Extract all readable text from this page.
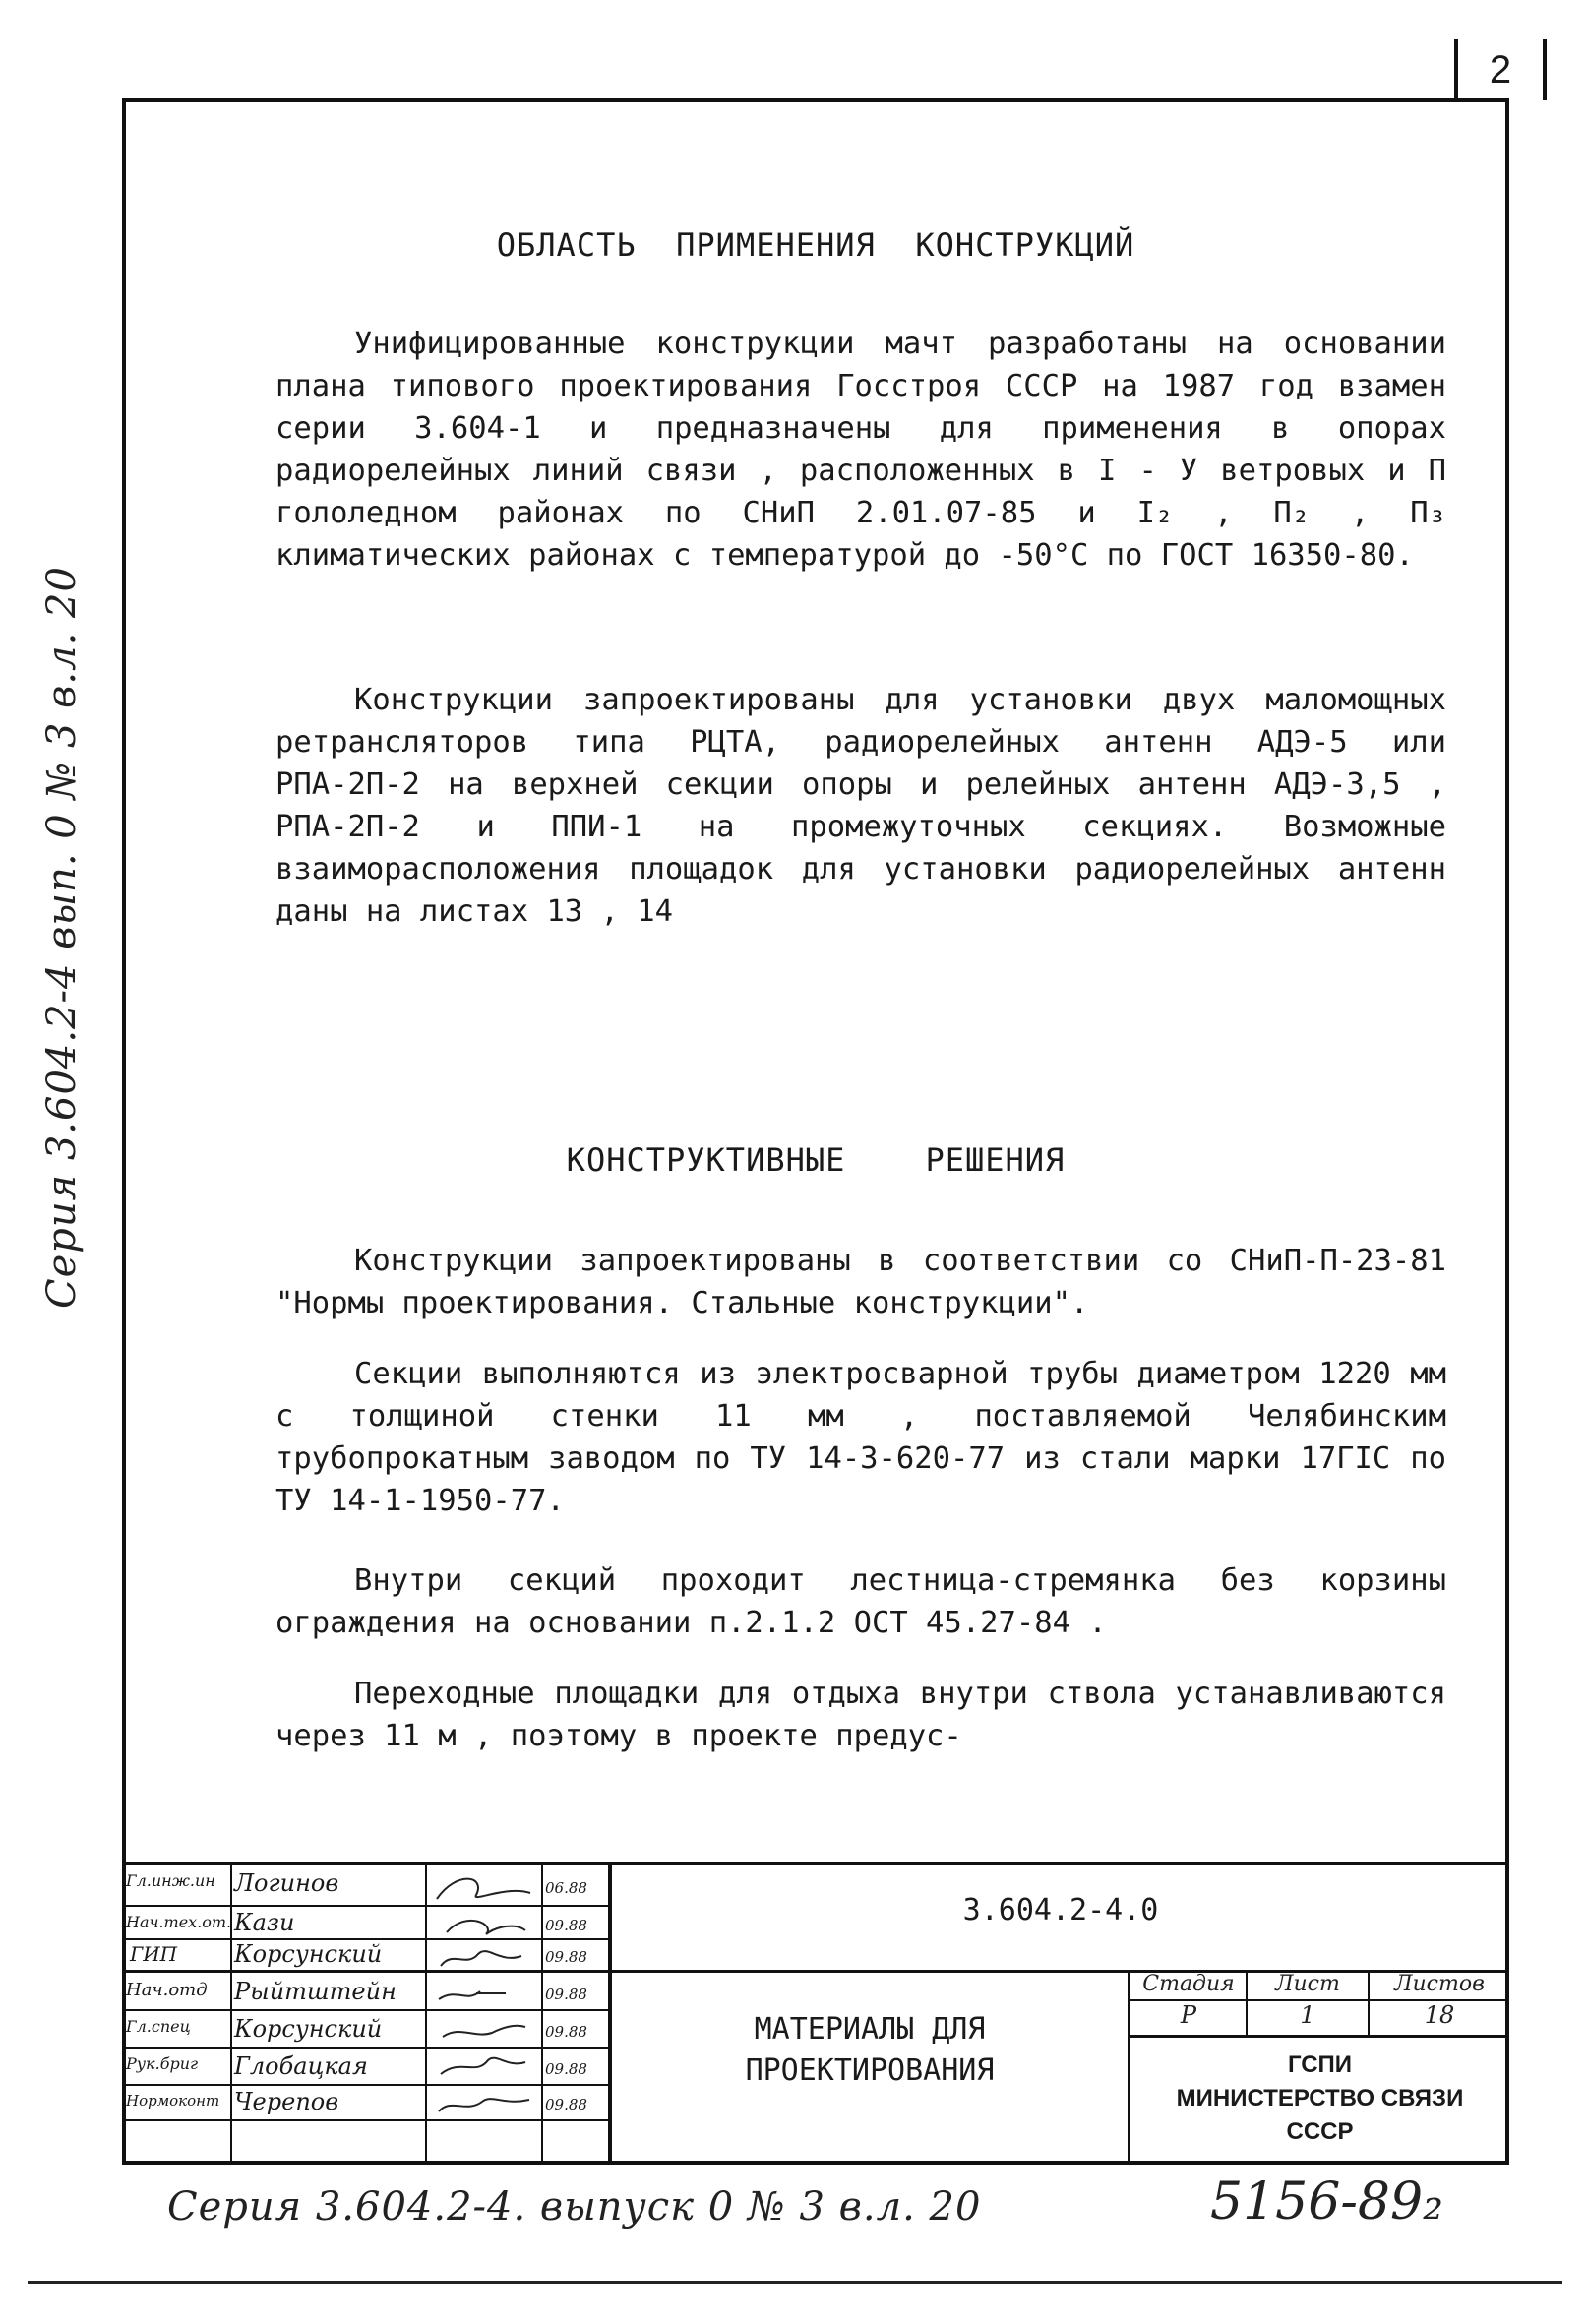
2
ОБЛАСТЬ  ПРИМЕНЕНИЯ  КОНСТРУКЦИЙ
Унифицированные конструкции мачт разработаны на основании плана типового проектирования Госстроя СССР на 1987 год взамен серии 3.604-1 и предназначены для применения в опорах радиорелейных линий связи , расположенных в I - У ветровых и П гололедном районах по СНиП 2.01.07-85 и I₂ , П₂ , П₃ климатических районах с температурой до -50°С по ГОСТ 16350-80.
Конструкции запроектированы для установки двух маломощных ретрансляторов типа РЦТА, радиорелейных антенн АДЭ-5 или РПА-2П-2 на верхней секции опоры и релейных антенн АДЭ-3,5 , РПА-2П-2 и ППИ-1 на промежуточных секциях. Возможные взаиморасположения площадок для установки радиорелейных антенн даны на листах 13 , 14
КОНСТРУКТИВНЫЕ    РЕШЕНИЯ
Конструкции запроектированы в соответствии со СНиП-П-23-81 "Нормы проектирования. Стальные конструкции".
Секции выполняются из электросварной трубы диаметром 1220 мм с толщиной стенки 11 мм , поставляемой Челябинским трубопрокатным заводом по ТУ 14-3-620-77 из стали марки 17ГIС по ТУ 14-1-1950-77.
Внутри секций проходит лестница-стремянка без корзины ограждения на основании п.2.1.2 ОСТ 45.27-84 .
Переходные площадки для отдыха внутри ствола устанавливаются через 11 м , поэтому в проекте предус-
Гл.инж.ин Логинов	06.88
Нач.тех.от. Кази	09.88
ГИП Корсунский	09.88
Нач.отд Рыйтштейн	09.88
Гл.спец Корсунский	09.88
Рук.бриг Глобацкая	09.88
Нормоконт Черепов	09.88
3.604.2-4.0
МАТЕРИАЛЫ ДЛЯ
ПРОЕКТИРОВАНИЯ
Стадия	Лист	Листов
Р	1	18
ГСПИ
МИНИСТЕРСТВО СВЯЗИ
СССР
Серия 3.604.2-4 вып. 0 № 3 в.л. 20
Серия 3.604.2-4. выпуск 0 № 3 в.л. 20	5156-89₂
